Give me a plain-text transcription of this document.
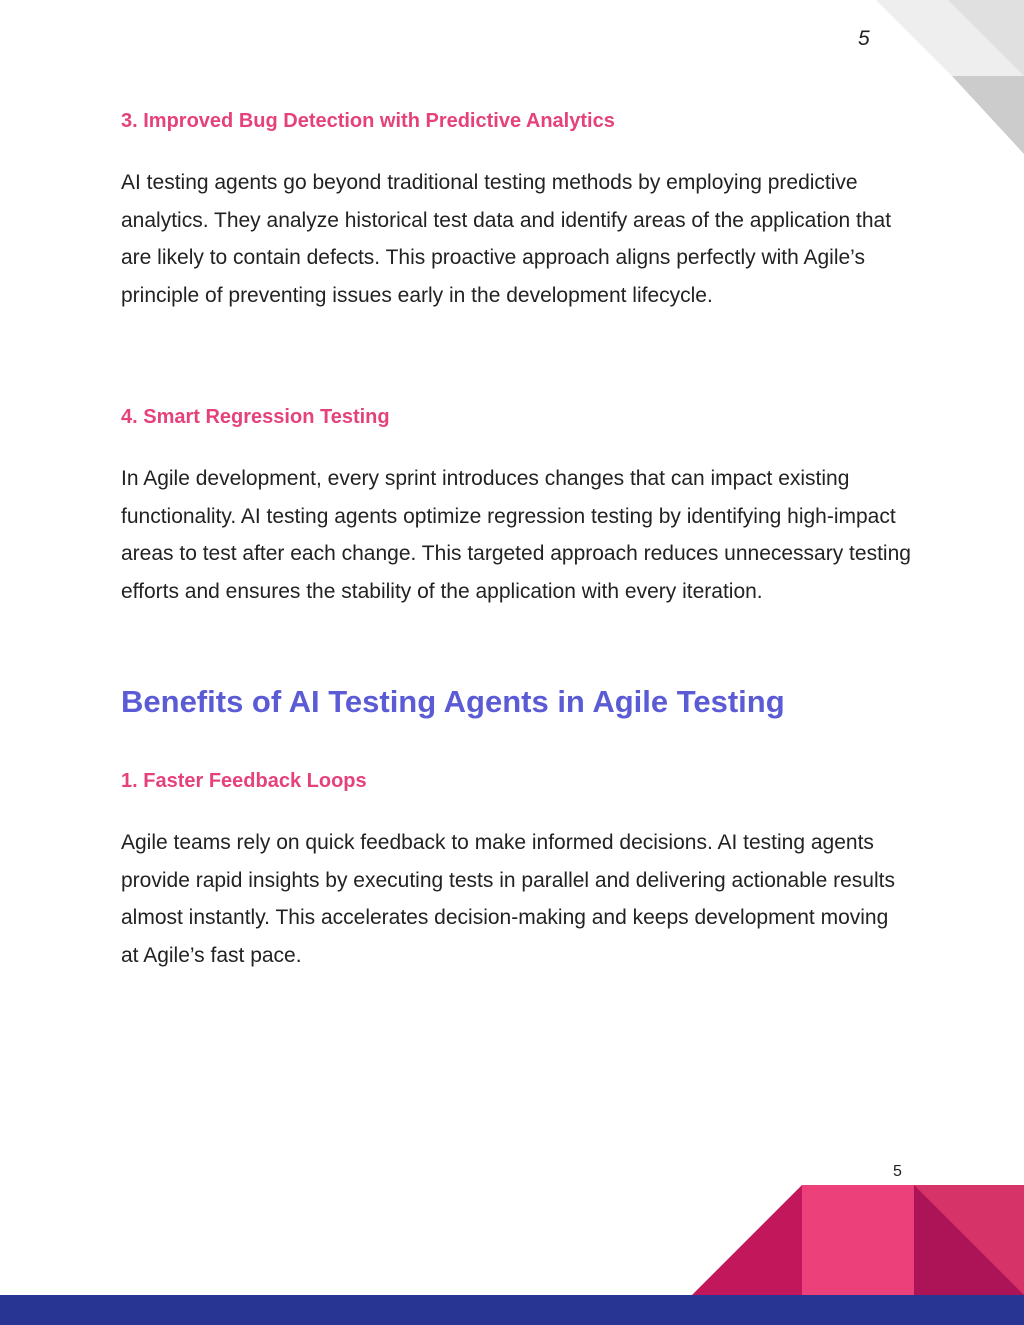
5
3. Improved Bug Detection with Predictive Analytics

AI testing agents go beyond traditional testing methods by employing predictive analytics. They analyze historical test data and identify areas of the application that are likely to contain defects. This proactive approach aligns perfectly with Agile’s principle of preventing issues early in the development lifecycle.

4. Smart Regression Testing

In Agile development, every sprint introduces changes that can impact existing functionality. AI testing agents optimize regression testing by identifying high-impact areas to test after each change. This targeted approach reduces unnecessary testing efforts and ensures the stability of the application with every iteration.

Benefits of AI Testing Agents in Agile Testing
1. Faster Feedback Loops

Agile teams rely on quick feedback to make informed decisions. AI testing agents provide rapid insights by executing tests in parallel and delivering actionable results almost instantly. This accelerates decision-making and keeps development moving at Agile’s fast pace.

5
